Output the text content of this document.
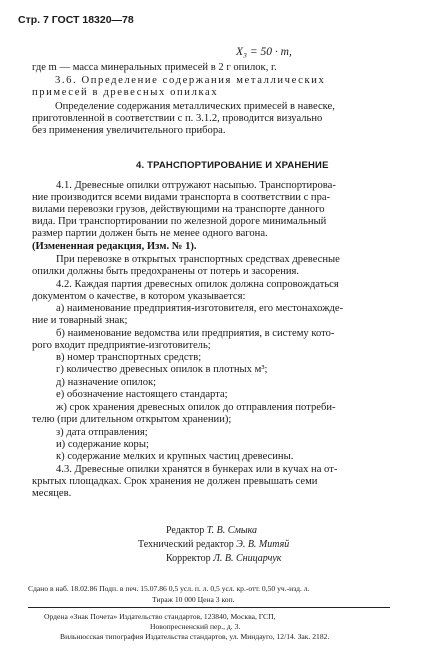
Стр. 7 ГОСТ 18320—78
X₃ = 50 · m,
где m — масса минеральных примесей в 2 г опилок, г.
3.6. Определение содержания металлических
примесей в древесных опилках
Определение содержания металлических примесей в навеске,
приготовленной в соответствии с п. 3.1.2, проводится визуально
без применения увеличительного прибора.
4. ТРАНСПОРТИРОВАНИЕ И ХРАНЕНИЕ
4.1. Древесные опилки отгружают насыпью. Транспортирова-
ние производится всеми видами транспорта в соответствии с пра-
вилами перевозки грузов, действующими на транспорте данного
вида. При транспортировании по железной дороге минимальный
размер партии должен быть не менее одного вагона.
(Измененная редакция, Изм. № 1).
При перевозке в открытых транспортных средствах древесные
опилки должны быть предохранены от потерь и засорения.
4.2. Каждая партия древесных опилок должна сопровождаться
документом о качестве, в котором указывается:
а) наименование предприятия-изготовителя, его местонахожде-
ние и товарный знак;
б) наименование ведомства или предприятия, в систему кото-
рого входит предприятие-изготовитель;
в) номер транспортных средств;
г) количество древесных опилок в плотных м³;
д) назначение опилок;
е) обозначение настоящего стандарта;
ж) срок хранения древесных опилок до отправления потреби-
телю (при длительном открытом хранении);
з) дата отправления;
и) содержание коры;
к) содержание мелких и крупных частиц древесины.
4.3. Древесные опилки хранятся в бункерах или в кучах на от-
крытых площадках. Срок хранения не должен превышать семи
месяцев.
Редактор Т. В. Смыка
Технический редактор Э. В. Митяй
Корректор Л. В. Сницарчук
Сдано в наб. 18.02.86 Подп. в печ. 15.07.86 0,5 усл. п. л. 0,5 усл. кр.-отт. 0,50 уч.-изд. л.
Тираж 10 000 Цена 3 коп.
Ордена «Знак Почета» Издательство стандартов, 123840, Москва, ГСП,
Новопресненский пер., д. 3.
Вильнюсская типография Издательства стандартов, ул. Миндауго, 12/14. Зак. 2182.
